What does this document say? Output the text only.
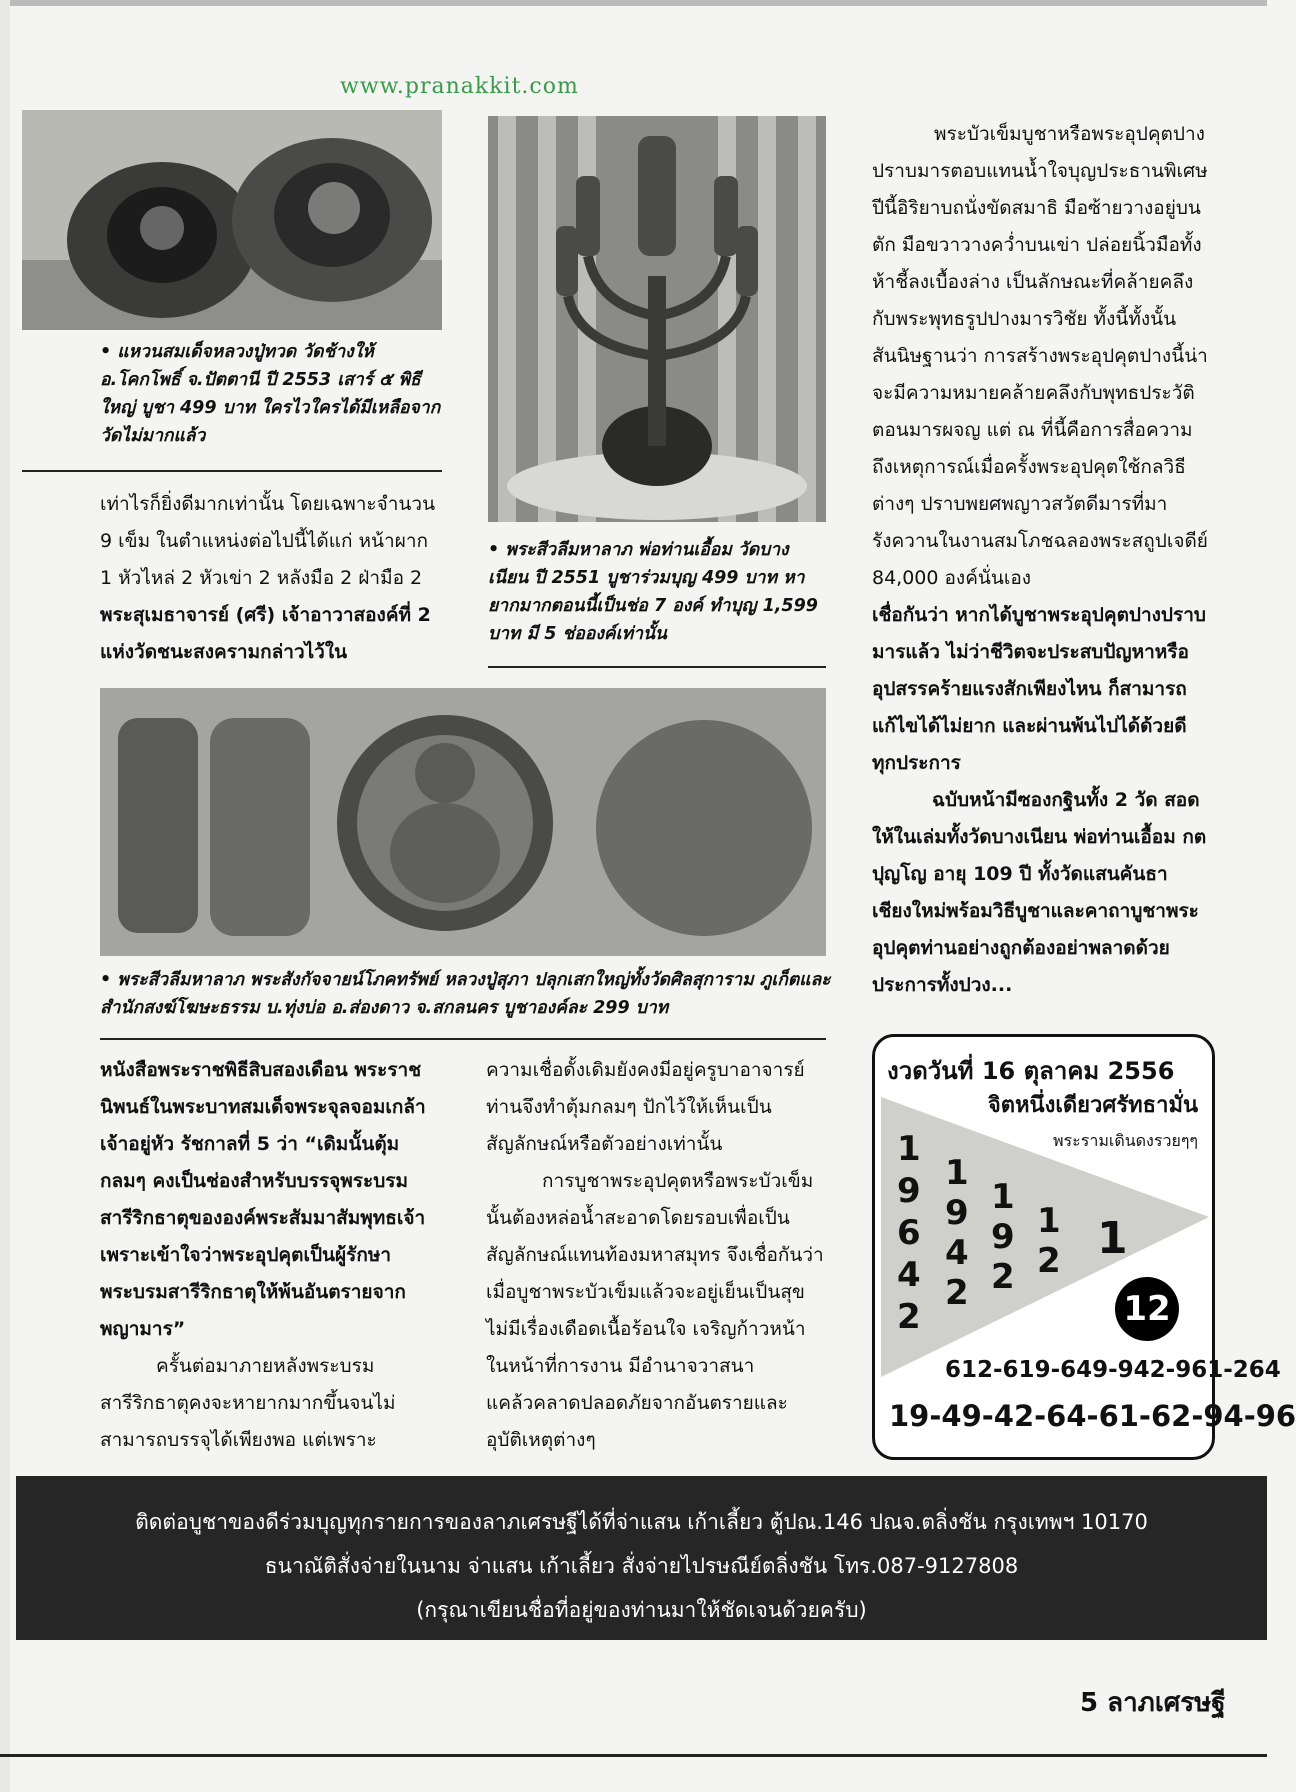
www.pranakkit.com
• แหวนสมเด็จหลวงปู่ทวด วัดช้างให้ อ.โคกโพธิ์ จ.ปัตตานี ปี 2553 เสาร์ ๕ พิธีใหญ่ บูชา 499 บาท ใครไวใครได้มีเหลือจากวัดไม่มากแล้ว
• พระสีวลีมหาลาภ พ่อท่านเอื้อม วัดบางเนียน ปี 2551 บูชาร่วมบุญ 499 บาท หายากมากตอนนี้เป็นช่อ 7 องค์ ทำบุญ 1,599 บาท มี 5 ช่อองค์เท่านั้น

เท่าไรก็ยิ่งดีมากเท่านั้น โดยเฉพาะจำนวน 9 เข็ม ในตำแหน่งต่อไปนี้ได้แก่ หน้าผาก 1 หัวไหล่ 2 หัวเข่า 2 หลังมือ 2 ฝ่ามือ 2

พระสุเมธาจารย์ (ศรี) เจ้าอาวาสองค์ที่ 2 แห่งวัดชนะสงครามกล่าวไว้ใน

พระบัวเข็มบูชาหรือพระอุปคุตปางปราบมารตอบแทนน้ำใจบุญประธานพิเศษปีนี้อิริยาบถนั่งขัดสมาธิ มือซ้ายวางอยู่บนตัก มือขวาวางคว่ำบนเข่า ปล่อยนิ้วมือทั้งห้าชี้ลงเบื้องล่าง เป็นลักษณะที่คล้ายคลึงกับพระพุทธรูปปางมารวิชัย ทั้งนี้ทั้งนั้นสันนิษฐานว่า การสร้างพระอุปคุตปางนี้น่าจะมีความหมายคล้ายคลึงกับพุทธประวัติตอนมารผจญ แต่ ณ ที่นี้คือการสื่อความถึงเหตุการณ์เมื่อครั้งพระอุปคุตใช้กลวิธีต่างๆ ปราบพยศพญาวสวัตดีมารที่มารังควานในงานสมโภชฉลองพระสถูปเจดีย์ 84,000 องค์นั่นเอง

เชื่อกันว่า หากได้บูชาพระอุปคุตปางปราบมารแล้ว ไม่ว่าชีวิตจะประสบปัญหาหรืออุปสรรคร้ายแรงสักเพียงไหน ก็สามารถแก้ไขได้ไม่ยาก และผ่านพ้นไปได้ด้วยดีทุกประการ

ฉบับหน้ามีซองกฐินทั้ง 2 วัด สอดให้ในเล่มทั้งวัดบางเนียน พ่อท่านเอื้อม กตปุญโญ อายุ 109 ปี ทั้งวัดแสนคันธา เชียงใหม่พร้อมวิธีบูชาและคาถาบูชาพระอุปคุตท่านอย่างถูกต้องอย่าพลาดด้วยประการทั้งปวง...

• พระสีวลีมหาลาภ พระสังกัจจายน์โภคทรัพย์ หลวงปู่สุภา ปลุกเสกใหญ่ทั้งวัดศิลสุการาม ภูเก็ตและสำนักสงฆ์โฆษะธรรม บ.ทุ่งบ่อ อ.ส่องดาว จ.สกลนคร บูชาองค์ละ 299 บาท

หนังสือพระราชพิธีสิบสองเดือน พระราชนิพนธ์ในพระบาทสมเด็จพระจุลจอมเกล้าเจ้าอยู่หัว รัชกาลที่ 5 ว่า “เดิมนั้นตุ้มกลมๆ คงเป็นช่องสำหรับบรรจุพระบรมสารีริกธาตุขององค์พระสัมมาสัมพุทธเจ้า เพราะเข้าใจว่าพระอุปคุตเป็นผู้รักษาพระบรมสารีริกธาตุให้พ้นอันตรายจากพญามาร”

ครั้นต่อมาภายหลังพระบรมสารีริกธาตุคงจะหายากมากขึ้นจนไม่สามารถบรรจุได้เพียงพอ แต่เพราะ

ความเชื่อดั้งเดิมยังคงมีอยู่ครูบาอาจารย์ท่านจึงทำตุ้มกลมๆ ปักไว้ให้เห็นเป็นสัญลักษณ์หรือตัวอย่างเท่านั้น

การบูชาพระอุปคุตหรือพระบัวเข็มนั้นต้องหล่อน้ำสะอาดโดยรอบเพื่อเป็นสัญลักษณ์แทนท้องมหาสมุทร จึงเชื่อกันว่า เมื่อบูชาพระบัวเข็มแล้วจะอยู่เย็นเป็นสุข ไม่มีเรื่องเดือดเนื้อร้อนใจ เจริญก้าวหน้าในหน้าที่การงาน มีอำนาจวาสนา แคล้วคลาดปลอดภัยจากอันตรายและอุบัติเหตุต่างๆ

งวดวันที่ 16 ตุลาคม 2556
จิตหนึ่งเดียวศรัทธามั่น
พระรามเดินดงรวยๆๆ
1
9
6
4
2
1
9
4
2
1
9
2
1
2 1
12
612-619-649-942-961-264
19-49-42-64-61-62-94-96
ติดต่อบูชาของดีร่วมบุญทุกรายการของลาภเศรษฐีได้ที่จ่าแสน เก้าเลี้ยว ตู้ปณ.146 ปณจ.ตลิ่งชัน กรุงเทพฯ 10170
ธนาณัติสั่งจ่ายในนาม จ่าแสน เก้าเลี้ยว สั่งจ่ายไปรษณีย์ตลิ่งชัน โทร.087-9127808
(กรุณาเขียนชื่อที่อยู่ของท่านมาให้ชัดเจนด้วยครับ)
5 ลาภเศรษฐี
